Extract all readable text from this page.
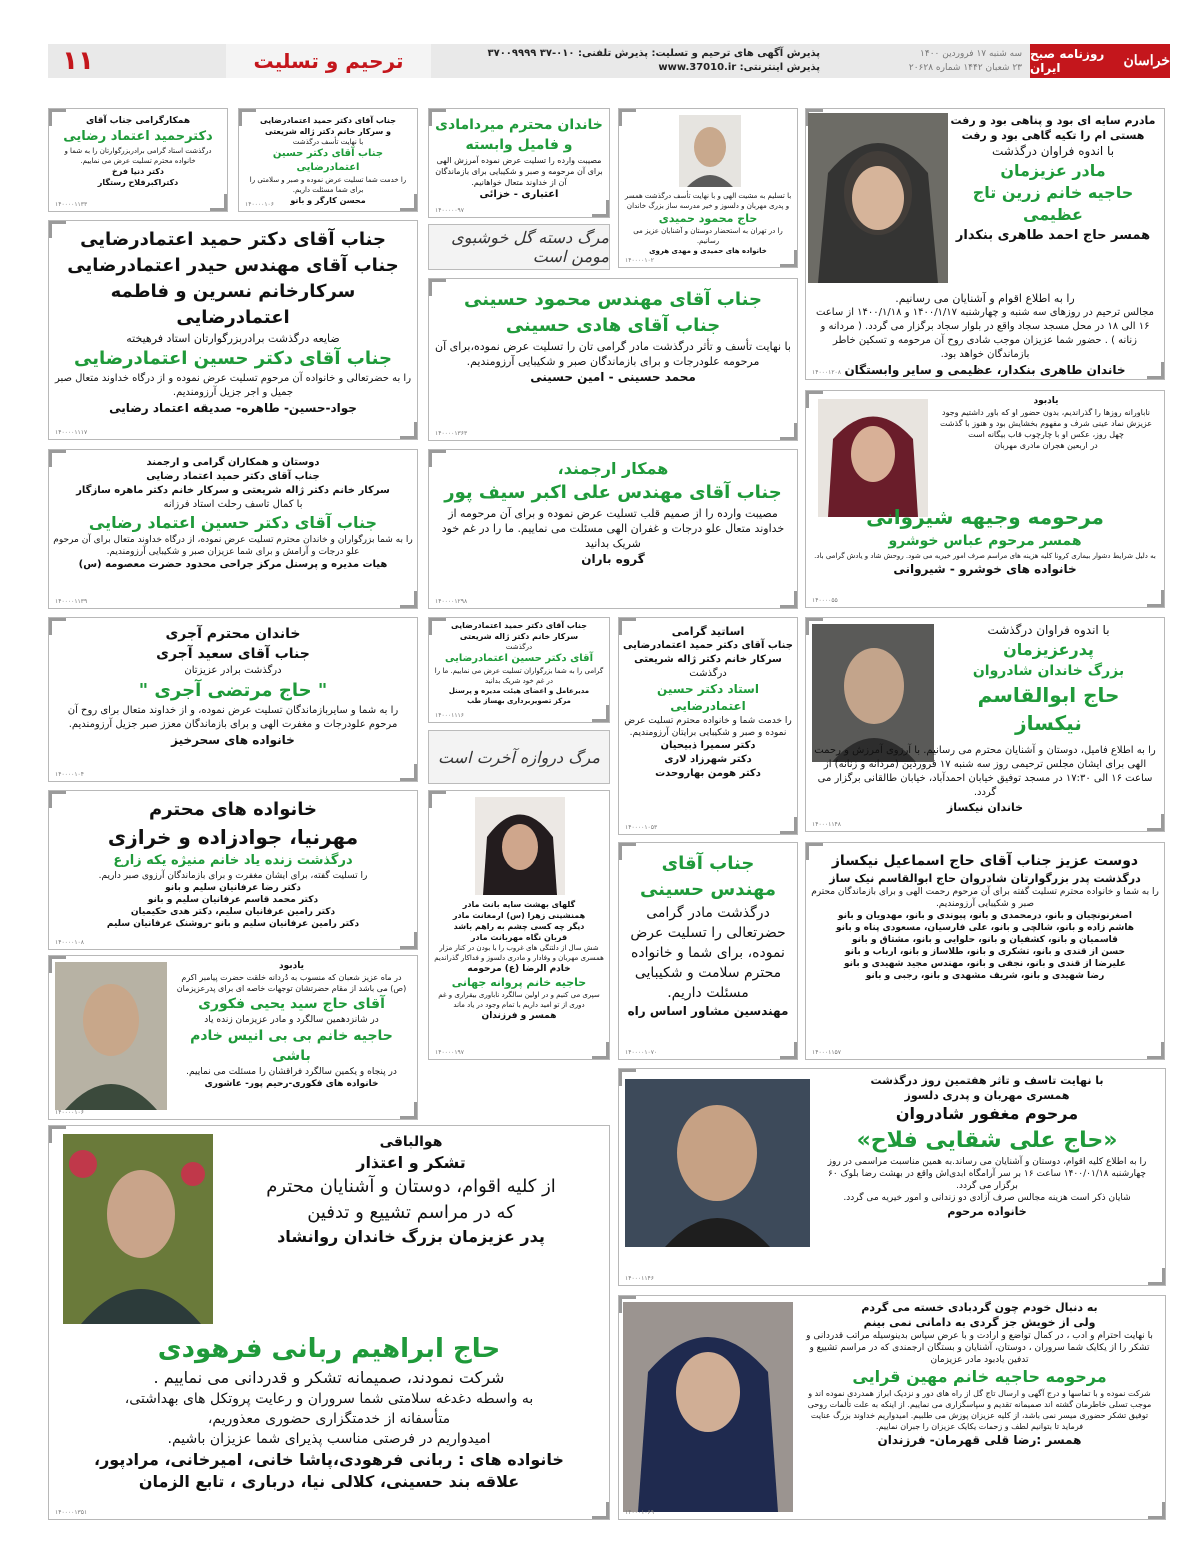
روزنامه صبح ایران	خراسان
سه شنبه ۱۷ فروردین ۱۴۰۰
۲۳ شعبان ۱۴۴۲ شماره ۲۰۶۲۸
پذیرش آگهی های ترحیم و تسلیت: پذیرش تلفنی: ۰۱۰-۳۷ ۳۷۰۰۹۹۹۹
پذیرش اینترنتی: www.37010.ir
ترحیم و تسلیت
۱۱

مادرم سایه ای بود و پناهی بود و رفت

هستی ام را تکیه گاهی بود و رفت

با اندوه فراوان درگذشت

مادر عزیزمان

حاجیه خانم زرین تاج عظیمی

همسر حاج احمد طاهری بنکدار

را به اطلاع اقوام و آشنایان می رسانیم.

مجالس ترحیم در روزهای سه شنبه و چهارشنبه ۱۴۰۰/۱/۱۷ و ۱۴۰۰/۱/۱۸ از ساعت ۱۶ الی ۱۸ در محل مسجد سجاد واقع در بلوار سجاد برگزار می گردد. ( مردانه و زنانه ) . حضور شما عزیزان موجب شادی روح آن مرحومه و تسکین خاطر بازماندگان خواهد بود.

خاندان طاهری بنکدار، عظیمی و سایر وابستگان

۱۴۰۰۰۱۲۰۸

یادبود

ناباورانه روزها را گذراندیم، بدون حضور او که باور داشتیم وجود عزیزش نماد عینی شرف و مفهوم بخشایش بود و هنوز با گذشت چهل روز، عکس او با چارچوب قاب بیگانه است

در اربعین هجران مادری مهربان

مرحومه وجیهه شیروانی

همسر مرحوم عباس خوشرو

به دلیل شرایط دشوار بیماری کرونا کلیه هزینه های مراسم صرف امور خیریه می شود. روحش شاد و یادش گرامی باد.

خانواده های خوشرو - شیروانی

۱۴۰۰۰۰۵۵

با اندوه فراوان درگذشت

پدرعزیزمان

بزرگ خاندان شادروان

حاج ابوالقاسم نیکساز

را به اطلاع فامیل، دوستان و آشنایان محترم می رسانیم. با آرزوی آمرزش و رحمت الهی برای ایشان مجلس ترحیمی روز سه شنبه ۱۷ فروردین (مردانه و زنانه) از ساعت ۱۶ الی ۱۷:۳۰ در مسجد توفیق خیابان احمدآباد، خیابان طالقانی برگزار می گردد.

خاندان نیکساز

۱۴۰۰۰۱۱۴۸

دوست عزیز جناب آقای حاج اسماعیل نیکساز

درگذشت پدر بزرگوارتان شادروان حاج ابوالقاسم نیک ساز

را به شما و خانواده محترم تسلیت گفته برای آن مرحوم رحمت الهی و برای بازماندگان محترم صبر و شکیبایی آرزومندیم.

اصغرنونچیان و بانو، درمحمدی و بانو، پیوندی و بانو، مهدویان و بانو

هاشم زاده و بانو، شالچی و بانو، علی فارسیان، مسعودی پناه و بانو

قاسمیان و بانو، کشفیان و بانو، حلوایی و بانو، مشتاق و بانو

حسن از قندی و بانو، تشکری و بانو، طلاساز و بانو، ارباب و بانو

علیرضا از قندی و بانو، نجفی و بانو، مهندس مجید شهیدی و بانو

رضا شهیدی و بانو، شریف مشهدی و بانو، رجبی و بانو

۱۴۰۰۰۱۱۵۷

با نهایت تاسف و تاثر هفتمین روز درگذشت

همسری مهربان و پدری دلسوز

مرحوم مغفور شادروان

«حاج علی شقایی فلاح»

را به اطلاع کلیه اقوام، دوستان و آشنایان می رساند.به همین مناسبت مراسمی در روز چهارشنبه ۱۴۰۰/۰۱/۱۸ ساعت ۱۶ بر سر آرامگاه ابدی‌اش واقع در بهشت رضا بلوک ۶۰ برگزار می گردد.

شایان ذکر است هزینه مجالس صرف آزادی دو زندانی و امور خیریه می گردد.

خانواده مرحوم

۱۴۰۰۰۱۱۴۶

به دنبال خودم چون گردبادی خسته می گردم

ولی از خویش جز گردی به دامانی نمی بینم

با نهایت احترام و ادب ، در کمال تواضع و ارادت و با عرض سپاس بدینوسیله مراتب قدردانی و تشکر را از یکایک شما سروران ، دوستان، آشنایان و بستگان ارجمندی که در مراسم تشییع و تدفین یادبود مادر عزیزمان

مرحومه حاجیه خانم مهین قرایی

شرکت نموده و با تماسها و درج آگهی و ارسال تاج گل از راه های دور و نزدیک ابراز همدردی نموده اند و موجب تسلی خاطرمان گشته اند صمیمانه تقدیم و سپاسگزاری می نماییم. از اینکه به علت تألمات روحی توفیق تشکر حضوری میسر نمی باشد، از کلیه عزیزان پوزش می طلبیم. امیدواریم خداوند بزرگ عنایت فرماید تا بتوانیم لطف و زحمات یکایک عزیزان را جبران نماییم.

همسر :رضا قلی قهرمان- فرزندان

۱۴۰۰۰۱۰۶۹

با تسلیم به مشیت الهی و با نهایت تأسف درگذشت همسر و پدری مهربان و دلسوز و خیر مدرسه ساز بزرگ خاندان

حاج محمود حمیدی

را در تهران به استحضار دوستان و آشنایان عزیز می رسانیم.

خانواده های حمیدی و مهدی هروی

۱۴۰۰۰۰۱۰۲

اساتید گرامی

جناب آقای دکتر حمید اعتمادرضایی

سرکار خانم دکتر ژاله شریعتی

درگذشت

استاد دکتر حسین اعتمادرضایی

را خدمت شما و خانواده محترم تسلیت عرض نموده و صبر و شکیبایی برایتان آرزومندیم.

دکتر سمیرا ذبیحیان

دکتر شهرزاد لاری

دکتر هومن بهاروحدت

۱۴۰۰۰۰۱۰۵۳

جناب آقای

مهندس حسینی

درگذشت مادر گرامی حضرتعالی را تسلیت عرض نموده، برای شما و خانواده محترم سلامت و شکیبایی مسئلت داریم.

مهندسین مشاور اساس راه

۱۴۰۰۰۰۱۰۷۰

خاندان محترم میردامادی

و فامیل وابسته

مصیبت وارده را تسلیت عرض نموده آمرزش الهی برای آن مرحومه و صبر و شکیبایی برای بازماندگان آن از خداوند متعال خواهانیم.

اعتباری - خزائی

۱۴۰۰۰۰۰۹۷
مرگ دسته گل خوشبوی مومن است

جناب آقای مهندس محمود حسینی

جناب آقای هادی حسینی

با نهایت تأسف و تأثر درگذشت مادر گرامی تان را تسلیت عرض نموده،برای آن مرحومه علودرجات و برای بازماندگان صبر و شکیبایی آرزومندیم.

محمد حسینی - امین حسینی

۱۴۰۰۰۰۱۳۶۳

همکار ارجمند،

جناب آقای مهندس علی اکبر سیف پور

مصیبت وارده را از صمیم قلب تسلیت عرض نموده و برای آن مرحومه از خداوند متعال علو درجات و غفران الهی مسئلت می نماییم. ما را در غم خود شریک بدانید

گروه باران

۱۴۰۰۰۰۱۲۹۸

جناب آقای دکتر حمید اعتمادرضایی

سرکار خانم دکتر ژاله شریعتی

درگذشت

آقای دکتر حسین اعتمادرضایی

گرامی را به شما بزرگواران تسلیت عرض می نماییم. ما را در غم خود شریک بدانید

مدیرعامل و اعضای هیئت مدیره و پرسنل

مرکز تصویربرداری بهساز طب

۱۴۰۰۰۱۱۱۶
مرگ دروازه آخرت است

گلهای بهشت سایه بانت مادر

همنشینی زهرا (س) ارمغانت مادر

دیگر چه کسی چشم به راهم باشد

قربان نگاه مهربانت مادر

شش سال از دلتنگی های غروب را با بودن در کنار مزار همسری مهربان و وفادار و مادری دلسوز و فداکار گذراندیم

خادم الرضا (ع) مرحومه

حاجیه خانم پروانه جهانی

سپری می کنیم و در اولین سالگرد ناباوری بیقراری و غم دوری از تو امید داریم با تمام وجود در یاد ماند

همسر و فرزندان

۱۴۰۰۰۰۱۹۷

جناب آقای دکتر حمید اعتمادرضایی

و سرکار خانم دکتر ژاله شریعتی

با نهایت تأسف درگذشت

جناب آقای دکتر حسین اعتمادرضایی

را خدمت شما تسلیت عرض نموده و صبر و سلامتی را برای شما مسئلت داریم.

محسن کارگر و بانو

۱۴۰۰۰۰۱۰۶

همکارگرامی جناب آقای

دکترحمید اعتماد رضایی

درگذشت استاد گرامی برادربزرگوارتان را به شما و خانواده محترم تسلیت عرض می نماییم.

دکتر دنیا فرخ

دکتراکبرفلاح رستگار

۱۴۰۰۰۰۱۱۳۳

جناب آقای دکتر حمید اعتمادرضایی

جناب آقای مهندس حیدر اعتمادرضایی

سرکارخانم نسرین و فاطمه اعتمادرضایی

ضایعه درگذشت برادربزرگوارتان استاد فرهیخته

جناب آقای دکتر حسین اعتمادرضایی

را به حضرتعالی و خانواده آن مرحوم تسلیت عرض نموده و از درگاه خداوند متعال صبر جمیل و اجر جزیل آرزومندیم.

جواد-حسین- طاهره- صدیقه اعتماد رضایی

۱۴۰۰۰۰۱۱۱۷

دوستان و همکاران گرامی و ارجمند

جناب آقای دکتر حمید اعتماد رضایی

سرکار خانم دکتر ژاله شریعتی و سرکار خانم دکتر ماهره سازگار

با کمال تاسف رحلت استاد فرزانه

جناب آقای دکتر حسین اعتماد رضایی

را به شما بزرگواران و خاندان محترم تسلیت عرض نموده، از درگاه خداوند متعال برای آن مرحوم علو درجات و آرامش و برای شما عزیزان صبر و شکیبایی آرزومندیم.

هیات مدیره و پرسنل مرکز جراحی محدود حضرت معصومه (س)

۱۴۰۰۰۰۱۱۳۹

خاندان محترم آجری

جناب آقای سعید آجری

درگذشت برادر عزیزتان

" حاج مرتضی آجری "

را به شما و سایربازماندگان تسلیت عرض نموده، و از خداوند متعال برای روح آن مرحوم علودرجات و مغفرت الهی و برای بازماندگان معزز صبر جزیل آرزومندیم.

خانواده های سحرخیز

۱۴۰۰۰۰۱۰۴

خانواده های محترم

مهرنیا، جوادزاده و خرازی

درگذشت زنده یاد خانم منیژه یکه زارع

را تسلیت گفته، برای ایشان مغفرت و برای بازماندگان آرزوی صبر داریم.

دکتر رضا عرفانیان سلیم و بانو

دکتر محمد قاسم عرفانیان سلیم و بانو

دکتر رامین عرفانیان سلیم، دکتر هدی حکیمیان

دکتر رامین عرفانیان سلیم و بانو -روشنک عرفانیان سلیم

۱۴۰۰۰۰۱۰۸

یادبود

در ماه عزیز شعبان که منسوب به دُردانه خلقت حضرت پیامبر اکرم (ص) می باشد از مقام حضرتشان توجهات خاصه ای برای پدرعزیزمان

آقای حاج سید یحیی فکوری

در شانزدهمین سالگرد و مادر عزیزمان زنده یاد

حاجیه خانم بی بی انیس خادم باشی

در پنجاه و یکمین سالگرد فراقشان را مسئلت می نماییم.

خانواده های فکوری-رحیم پور- عاشوری

۱۴۰۰۰۰۱۰۶

هوالباقی

تشکر و اعتذار

از کلیه اقوام، دوستان و آشنایان محترم

که در مراسم تشییع و تدفین

پدر عزیزمان بزرگ خاندان روانشاد

حاج ابراهیم ربانی فرهودی

شرکت نمودند، صمیمانه تشکر و قدردانی می نماییم .

به واسطه دغدغه سلامتی شما سروران و رعایت پروتکل های بهداشتی،

متأسفانه از خدمتگزاری حضوری معذوریم،

امیدواریم در فرصتی مناسب پذیرای شما عزیزان باشیم.

خانواده های : ربانی فرهودی،پاشا خانی، امیرخانی، مرادپور،

علاقه بند حسینی، کلالی نیا، درباری ، تابع الزمان

۱۴۰۰۰۰۱۳۵۱
